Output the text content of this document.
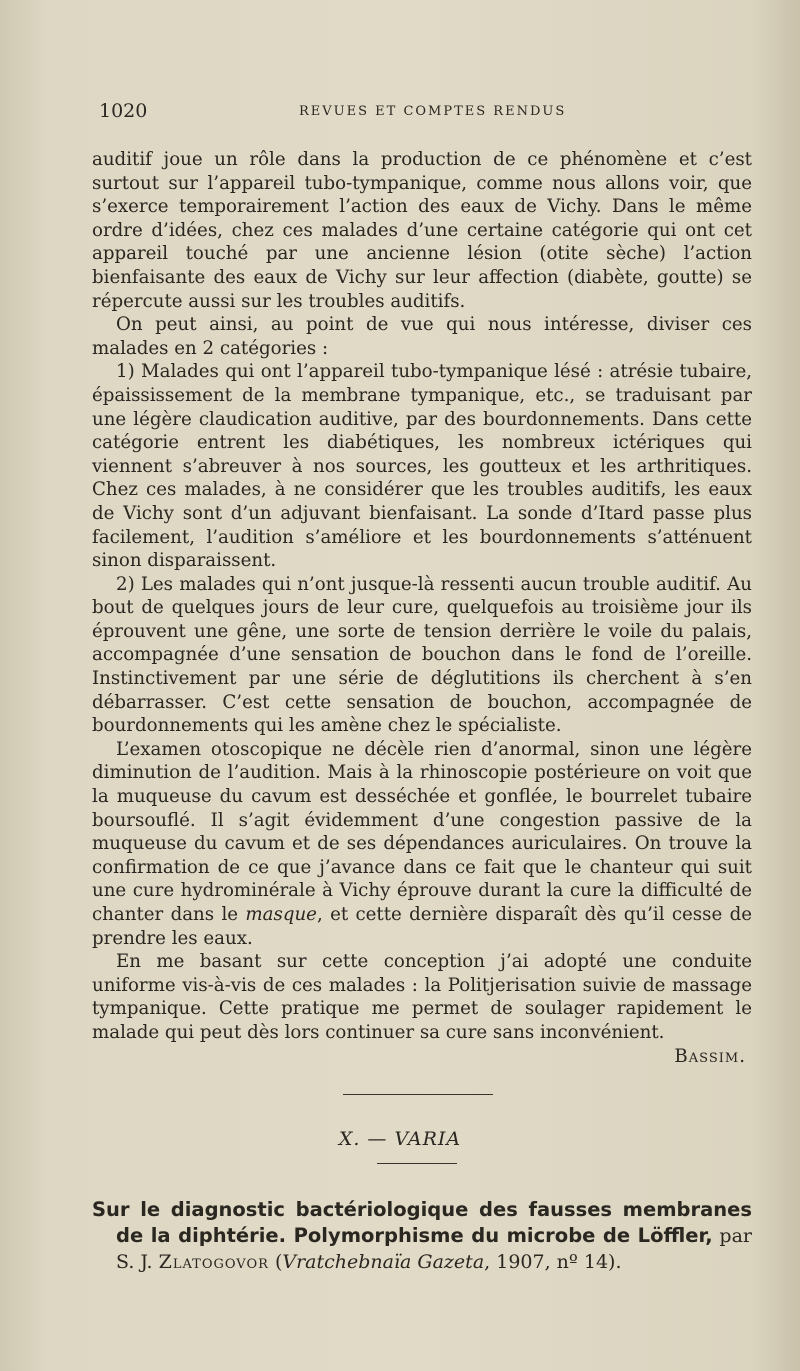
1020	REVUES ET COMPTES RENDUS

auditif joue un rôle dans la production de ce phénomène et c’est surtout sur l’appareil tubo-tympanique, comme nous allons voir, que s’exerce temporairement l’action des eaux de Vichy. Dans le même ordre d’idées, chez ces malades d’une certaine catégorie qui ont cet appareil touché par une ancienne lésion (otite sèche) l’action bienfaisante des eaux de Vichy sur leur affection (diabète, goutte) se répercute aussi sur les troubles auditifs.

On peut ainsi, au point de vue qui nous intéresse, diviser ces malades en 2 catégories :

1) Malades qui ont l’appareil tubo-tympanique lésé : atrésie tubaire, épaississement de la membrane tympanique, etc., se traduisant par une légère claudication auditive, par des bourdonnements. Dans cette catégorie entrent les diabétiques, les nombreux ictériques qui viennent s’abreuver à nos sources, les goutteux et les arthritiques. Chez ces malades, à ne considérer que les troubles auditifs, les eaux de Vichy sont d’un adjuvant bienfaisant. La sonde d’Itard passe plus facilement, l’audition s’améliore et les bourdonnements s’atténuent sinon disparaissent.

2) Les malades qui n’ont jusque-là ressenti aucun trouble auditif. Au bout de quelques jours de leur cure, quelquefois au troisième jour ils éprouvent une gêne, une sorte de tension derrière le voile du palais, accompagnée d’une sensation de bouchon dans le fond de l’oreille. Instinctivement par une série de déglutitions ils cherchent à s’en débarrasser. C’est cette sensation de bouchon, accompagnée de bourdonnements qui les amène chez le spécialiste.

L’examen otoscopique ne décèle rien d’anormal, sinon une légère diminution de l’audition. Mais à la rhinoscopie postérieure on voit que la muqueuse du cavum est desséchée et gonflée, le bourrelet tubaire boursouflé. Il s’agit évidemment d’une congestion passive de la muqueuse du cavum et de ses dépendances auriculaires. On trouve la confirmation de ce que j’avance dans ce fait que le chanteur qui suit une cure hydrominérale à Vichy éprouve durant la cure la difficulté de chanter dans le masque, et cette dernière disparaît dès qu’il cesse de prendre les eaux.

En me basant sur cette conception j’ai adopté une conduite uniforme vis-à-vis de ces malades : la Politjerisation suivie de massage tympanique. Cette pratique me permet de soulager rapidement le malade qui peut dès lors continuer sa cure sans inconvénient.

Bassim.
X. — VARIA
Sur le diagnostic bactériologique des fausses membranes de la diphtérie. Polymorphisme du microbe de Löffler, par S. J. Zlatogovor (Vratchebnaïa Gazeta, 1907, nº 14).
